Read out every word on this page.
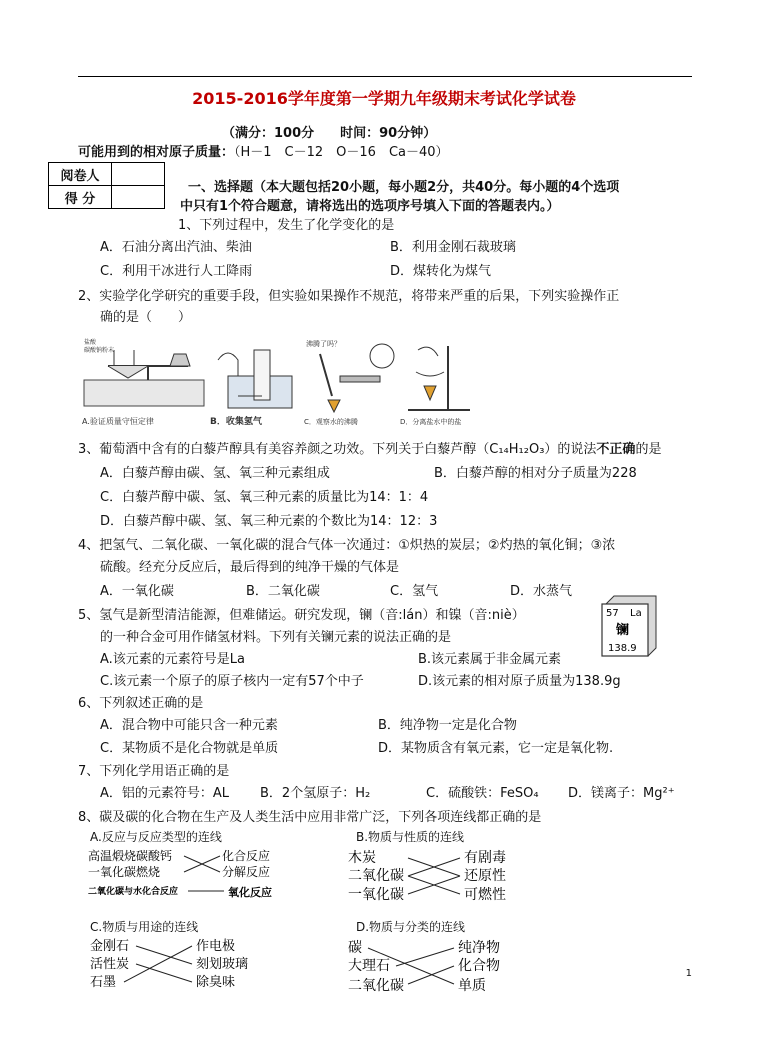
2015-2016学年度第一学期九年级期末考试化学试卷
（满分：100分　　时间：90分钟）
可能用到的相对原子质量：（H－1　C－12　O－16　Ca－40）
阅卷人	
得 分	
一、选择题（本大题包括20小题，每小题2分，共40分。每小题的4个选项
中只有1个符合题意，请将选出的选项序号填入下面的答题表内。）
1、下列过程中，发生了化学变化的是
A．石油分离出汽油、柴油	B．利用金刚石裁玻璃
C．利用干冰进行人工降雨	D．煤转化为煤气
2、实验学化学研究的重要手段，但实验如果操作不规范，将带来严重的后果，下列实验操作正
确的是（　　）
盐酸
碳酸钠粉末
沸腾了吗？
A.验证质量守恒定律	B．收集氢气	C．观察水的沸腾	D．分离盐水中的盐
3、葡萄酒中含有的白藜芦醇具有美容养颜之功效。下列关于白藜芦醇（C₁₄H₁₂O₃）的说法不正确的是
A．白藜芦醇由碳、氢、氧三种元素组成	B．白藜芦醇的相对分子质量为228
C．白藜芦醇中碳、氢、氧三种元素的质量比为14：1：4
D．白藜芦醇中碳、氢、氧三种元素的个数比为14：12：3
4、把氢气、二氧化碳、一氧化碳的混合气体一次通过：①炽热的炭层；②灼热的氧化铜；③浓
硫酸。经充分反应后，最后得到的纯净干燥的气体是
A．一氧化碳	B．二氧化碳	C．氢气	D．水蒸气
5、氢气是新型清洁能源，但难储运。研究发现，镧（音:lán）和镍（音:niè）
的一种合金可用作储氢材料。下列有关镧元素的说法正确的是
A.该元素的元素符号是La	B.该元素属于非金属元素
C.该元素一个原子的原子核内一定有57个中子	D.该元素的相对原子质量为138.9g
57 La
镧
138.9
6、下列叙述正确的是
A．混合物中可能只含一种元素	B．纯净物一定是化合物
C．某物质不是化合物就是单质	D．某物质含有氧元素，它一定是氧化物.
7、下列化学用语正确的是
A．铝的元素符号：AL B．2个氢原子：H₂	C．硫酸铁：FeSO₄ D．镁离子：Mg²⁺
8、碳及碳的化合物在生产及人类生活中应用非常广泛，下列各项连线都正确的是
A.反应与反应类型的连线
高温煅烧碳酸钙
一氧化碳燃烧
二氧化碳与水化合反应
化合反应
分解反应
氧化反应
B.物质与性质的连线
木炭
二氧化碳
一氧化碳
有剧毒
还原性
可燃性
C.物质与用途的连线
金刚石
活性炭
石墨
作电极
刻划玻璃
除臭味
D.物质与分类的连线
碳
大理石
二氧化碳
纯净物
化合物
单质
1
